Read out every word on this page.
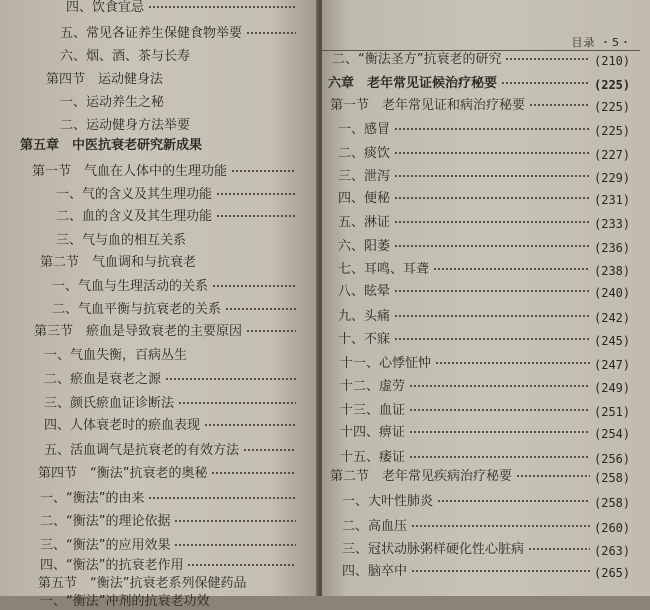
四、饮食宜忌
五、常见各证养生保健食物举要
六、烟、酒、茶与长寿
第四节　运动健身法
一、运动养生之秘
二、运动健身方法举要
第五章　中医抗衰老研究新成果
第一节　气血在人体中的生理功能
一、气的含义及其生理功能
二、血的含义及其生理功能
三、气与血的相互关系
第二节　气血调和与抗衰老
一、气血与生理活动的关系
二、气血平衡与抗衰老的关系
第三节　瘀血是导致衰老的主要原因
一、气血失衡，百病丛生
二、瘀血是衰老之源
三、颜氏瘀血证诊断法
四、人体衰老时的瘀血表现
五、活血调气是抗衰老的有效方法
第四节　“衡法”抗衰老的奥秘
一、“衡法”的由来
二、“衡法”的理论依据
三、“衡法”的应用效果
四、“衡法”的抗衰老作用
第五节　“衡法”抗衰老系列保健药品
一、“衡法”冲剂的抗衰老功效
目录 ・5・
二、“衡法圣方”抗衰老的研究	(210)
六章　老年常见证候治疗秘要	(225)
第一节　老年常见证和病治疗秘要	(225)
一、感冒	(225)
二、痰饮	(227)
三、泄泻	(229)
四、便秘	(231)
五、淋证	(233)
六、阳萎	(236)
七、耳鸣、耳聋	(238)
八、眩晕	(240)
九、头痛	(242)
十、不寐	(245)
十一、心悸怔忡	(247)
十二、虚劳	(249)
十三、血证	(251)
十四、痹证	(254)
十五、痿证	(256)
第二节　老年常见疾病治疗秘要	(258)
一、大叶性肺炎	(258)
二、高血压	(260)
三、冠状动脉粥样硬化性心脏病	(263)
四、脑卒中	(265)
